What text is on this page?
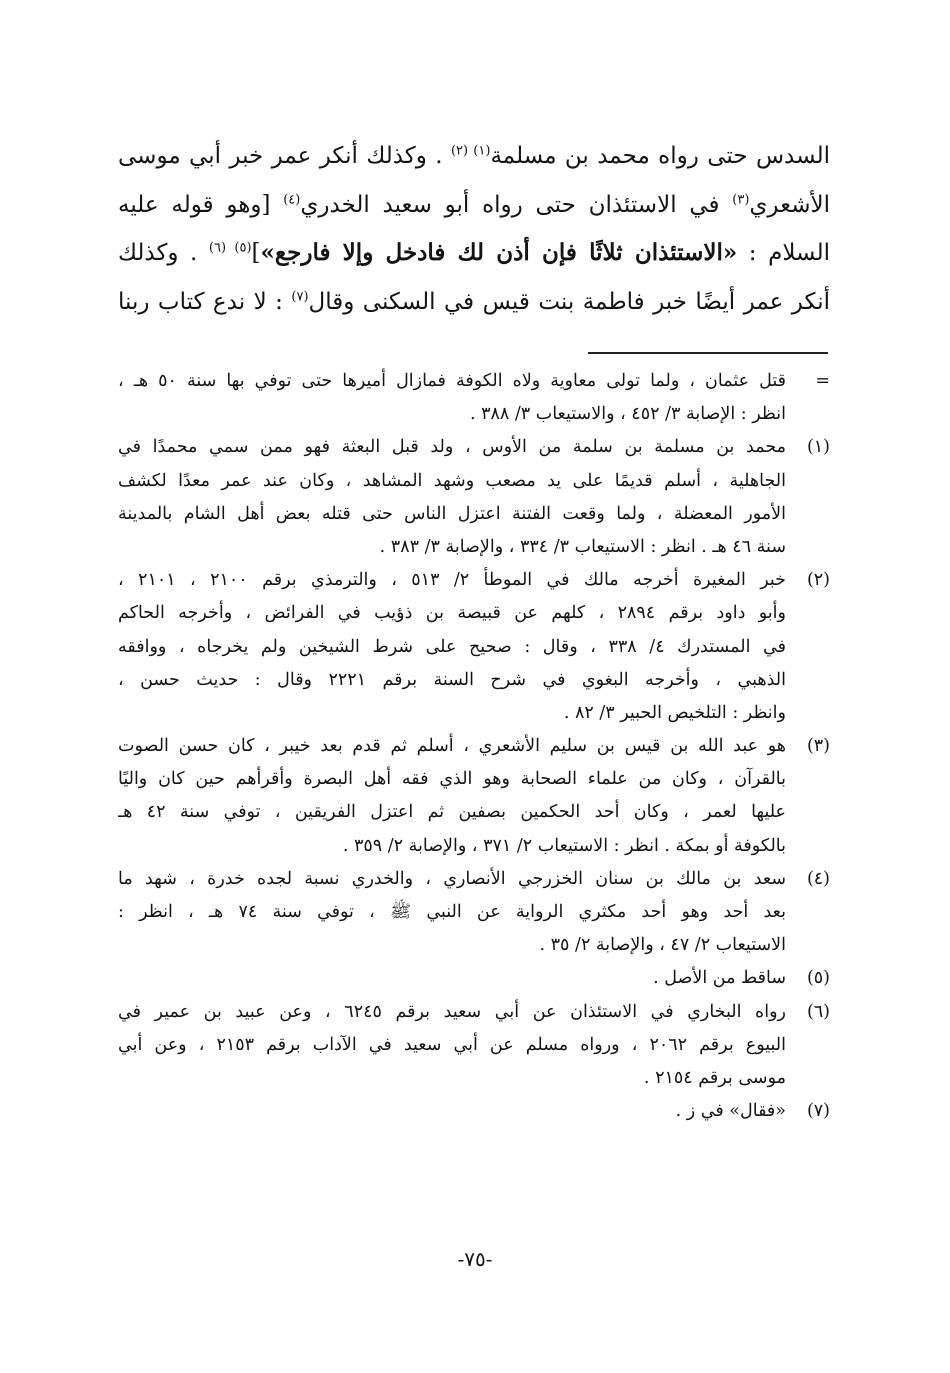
السدس حتى رواه محمد بن مسلمة$^{(١) (٢)}$ . وكذلك أنكر عمر خبر أبي موسى
الأشعري$^{(٣)}$ في الاستئذان حتى رواه أبو سعيد الخدري$^{(٤)}$ [وهو قوله عليه
السلام : «الاستئذان ثلاثًا فإن أذن لك فادخل وإلا فارجع»]$^{(٥) (٦)}$ . وكذلك
أنكر عمر أيضًا خبر فاطمة بنت قيس في السكنى وقال$^{(٧)}$ : لا ندع كتاب ربنا
=
قتل عثمان ، ولما تولى معاوية ولاه الكوفة فمازال أميرها حتى توفي بها سنة ٥٠ هـ ،
انظر : الإصابة ٣/ ٤٥٢ ، والاستيعاب ٣/ ٣٨٨ .
(١)
محمد بن مسلمة بن سلمة من الأوس ، ولد قبل البعثة فهو ممن سمي محمدًا في
الجاهلية ، أسلم قديمًا على يد مصعب وشهد المشاهد ، وكان عند عمر معدًا لكشف
الأمور المعضلة ، ولما وقعت الفتنة اعتزل الناس حتى قتله بعض أهل الشام بالمدينة
سنة ٤٦ هـ . انظر : الاستيعاب ٣/ ٣٣٤ ، والإصابة ٣/ ٣٨٣ .
(٢)
خبر المغيرة أخرجه مالك في الموطأ ٢/ ٥١٣ ، والترمذي برقم ٢١٠٠ ، ٢١٠١ ،
وأبو داود برقم ٢٨٩٤ ، كلهم عن قبيصة بن ذؤيب في الفرائض ، وأخرجه الحاكم
في المستدرك ٤/ ٣٣٨ ، وقال : صحيح على شرط الشيخين ولم يخرجاه ، ووافقه
الذهبي ، وأخرجه البغوي في شرح السنة برقم ٢٢٢١ وقال : حديث حسن ،
وانظر : التلخيص الحبير ٣/ ٨٢ .
(٣)
هو عبد الله بن قيس بن سليم الأشعري ، أسلم ثم قدم بعد خيبر ، كان حسن الصوت
بالقرآن ، وكان من علماء الصحابة وهو الذي فقه أهل البصرة وأقرأهم حين كان واليًا
عليها لعمر ، وكان أحد الحكمين بصفين ثم اعتزل الفريقين ، توفي سنة ٤٢ هـ
بالكوفة أو بمكة . انظر : الاستيعاب ٢/ ٣٧١ ، والإصابة ٢/ ٣٥٩ .
(٤)
سعد بن مالك بن سنان الخزرجي الأنصاري ، والخدري نسبة لجده خدرة ، شهد ما
بعد أحد وهو أحد مكثري الرواية عن النبي ﷺ ، توفي سنة ٧٤ هـ ، انظر :
الاستيعاب ٢/ ٤٧ ، والإصابة ٢/ ٣٥ .
(٥)
ساقط من الأصل .
(٦)
رواه البخاري في الاستئذان عن أبي سعيد برقم ٦٢٤٥ ، وعن عبيد بن عمير في
البيوع برقم ٢٠٦٢ ، ورواه مسلم عن أبي سعيد في الآداب برقم ٢١٥٣ ، وعن أبي
موسى برقم ٢١٥٤ .
(٧)
«فقال» في ز .
-٧٥-
